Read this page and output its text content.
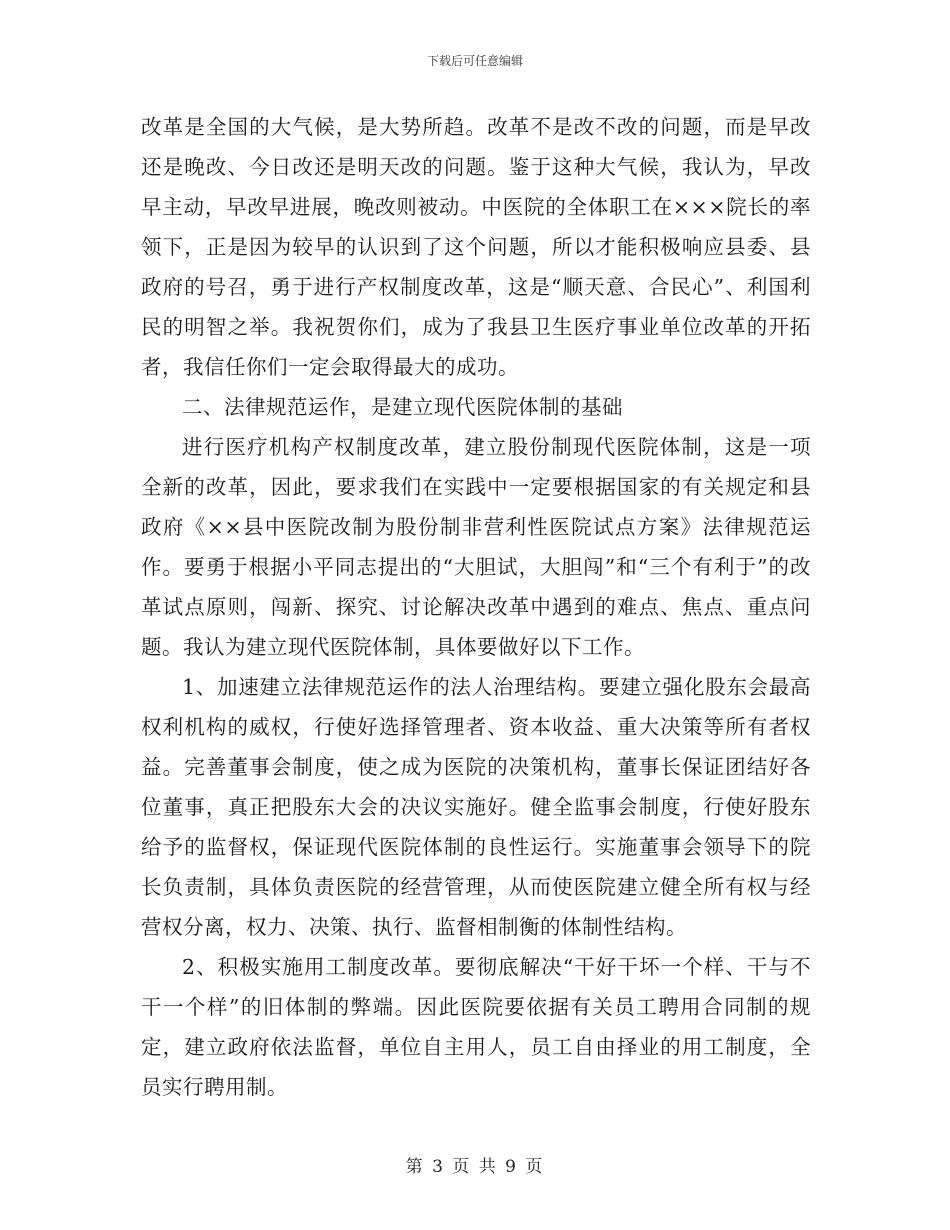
下载后可任意编辑

改革是全国的大气候，是大势所趋。改革不是改不改的问题，而是早改还是晚改、今日改还是明天改的问题。鉴于这种大气候，我认为，早改早主动，早改早进展，晚改则被动。中医院的全体职工在×××院长的率领下，正是因为较早的认识到了这个问题，所以才能积极响应县委、县政府的号召，勇于进行产权制度改革，这是“顺天意、合民心”、利国利民的明智之举。我祝贺你们，成为了我县卫生医疗事业单位改革的开拓者，我信任你们一定会取得最大的成功。

二、法律规范运作，是建立现代医院体制的基础

进行医疗机构产权制度改革，建立股份制现代医院体制，这是一项全新的改革，因此，要求我们在实践中一定要根据国家的有关规定和县政府《××县中医院改制为股份制非营利性医院试点方案》法律规范运作。要勇于根据小平同志提出的“大胆试，大胆闯”和“三个有利于”的改革试点原则，闯新、探究、讨论解决改革中遇到的难点、焦点、重点问题。我认为建立现代医院体制，具体要做好以下工作。

1、加速建立法律规范运作的法人治理结构。要建立强化股东会最高权利机构的威权，行使好选择管理者、资本收益、重大决策等所有者权益。完善董事会制度，使之成为医院的决策机构，董事长保证团结好各位董事，真正把股东大会的决议实施好。健全监事会制度，行使好股东给予的监督权，保证现代医院体制的良性运行。实施董事会领导下的院长负责制，具体负责医院的经营管理，从而使医院建立健全所有权与经营权分离，权力、决策、执行、监督相制衡的体制性结构。

2、积极实施用工制度改革。要彻底解决“干好干坏一个样、干与不干一个样”的旧体制的弊端。因此医院要依据有关员工聘用合同制的规定，建立政府依法监督，单位自主用人，员工自由择业的用工制度，全员实行聘用制。

第 3 页 共 9 页
